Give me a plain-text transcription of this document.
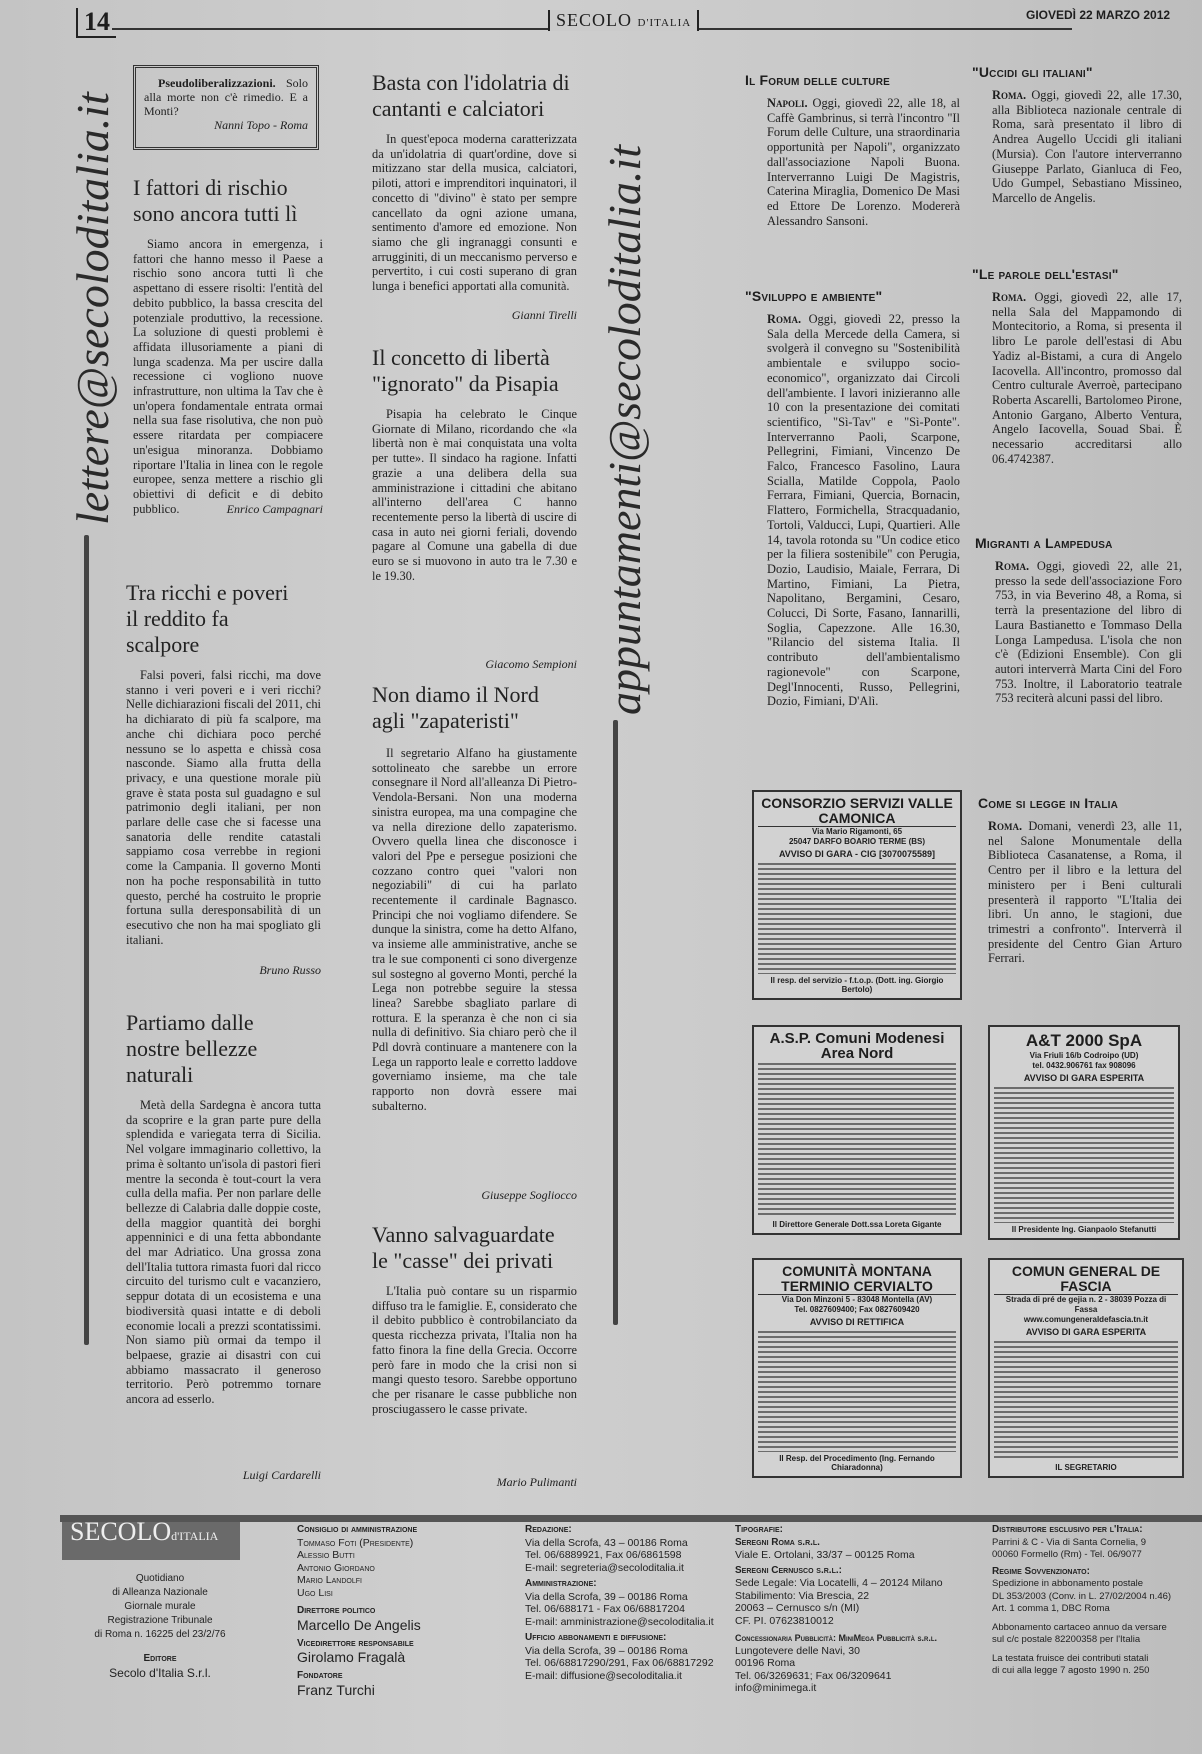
14	SECOLO D'ITALIA
GIOVEDÌ 22 MARZO 2012
lettere@secoloditalia.it	appuntamenti@secoloditalia.it
Pseudoliberalizzazioni. Solo alla morte non c'è rimedio. E a Monti?
Nanni Topo - Roma
I fattori di rischio sono ancora tutti lì
Siamo ancora in emergenza, i fattori che hanno messo il Paese a rischio sono ancora tutti lì che aspettano di essere risolti: l'entità del debito pubblico, la bassa crescita del potenziale produttivo, la recessione. La soluzione di questi problemi è affidata illusoriamente a piani di lunga scadenza. Ma per uscire dalla recessione ci vogliono nuove infrastrutture, non ultima la Tav che è un'opera fondamentale entrata ormai nella sua fase risolutiva, che non può essere ritardata per compiacere un'esigua minoranza. Dobbiamo riportare l'Italia in linea con le regole europee, senza mettere a rischio gli obiettivi di deficit e di debito pubblico.	Enrico Campagnari
Tra ricchi e poveri il reddito fa scalpore
Falsi poveri, falsi ricchi, ma dove stanno i veri poveri e i veri ricchi? Nelle dichiarazioni fiscali del 2011, chi ha dichiarato di più fa scalpore, ma anche chi dichiara poco perché nessuno se lo aspetta e chissà cosa nasconde. Siamo alla frutta della privacy, e una questione morale più grave è stata posta sul guadagno e sul patrimonio degli italiani, per non parlare delle case che si facesse una sanatoria delle rendite catastali sappiamo cosa verrebbe in regioni come la Campania. Il governo Monti non ha poche responsabilità in tutto questo, perché ha costruito le proprie fortuna sulla deresponsabilità di un esecutivo che non ha mai spogliato gli italiani.
Bruno Russo
Partiamo dalle nostre bellezze naturali
Metà della Sardegna è ancora tutta da scoprire e la gran parte pure della splendida e variegata terra di Sicilia. Nel volgare immaginario collettivo, la prima è soltanto un'isola di pastori fieri mentre la seconda è tout-court la vera culla della mafia. Per non parlare delle bellezze di Calabria dalle doppie coste, della maggior quantità dei borghi appenninici e di una fetta abbondante del mar Adriatico. Una grossa zona dell'Italia tuttora rimasta fuori dal ricco circuito del turismo cult e vacanziero, seppur dotata di un ecosistema e una biodiversità quasi intatte e di deboli economie locali a prezzi scontatissimi. Non siamo più ormai da tempo il belpaese, grazie ai disastri con cui abbiamo massacrato il generoso territorio. Però potremmo tornare ancora ad esserlo.
Luigi Cardarelli
Basta con l'idolatria di cantanti e calciatori
In quest'epoca moderna caratterizzata da un'idolatria di quart'ordine, dove si mitizzano star della musica, calciatori, piloti, attori e imprenditori inquinatori, il concetto di "divino" è stato per sempre cancellato da ogni azione umana, sentimento d'amore ed emozione. Non siamo che gli ingranaggi consunti e arrugginiti, di un meccanismo perverso e pervertito, i cui costi superano di gran lunga i benefici apportati alla comunità.
Gianni Tirelli
Il concetto di libertà "ignorato" da Pisapia
Pisapia ha celebrato le Cinque Giornate di Milano, ricordando che «la libertà non è mai conquistata una volta per tutte». Il sindaco ha ragione. Infatti grazie a una delibera della sua amministrazione i cittadini che abitano all'interno dell'area C hanno recentemente perso la libertà di uscire di casa in auto nei giorni feriali, dovendo pagare al Comune una gabella di due euro se si muovono in auto tra le 7.30 e le 19.30.
Giacomo Sempioni
Non diamo il Nord agli "zapateristi"
Il segretario Alfano ha giustamente sottolineato che sarebbe un errore consegnare il Nord all'alleanza Di Pietro-Vendola-Bersani. Non una moderna sinistra europea, ma una compagine che va nella direzione dello zapaterismo. Ovvero quella linea che disconosce i valori del Ppe e persegue posizioni che cozzano contro quei "valori non negoziabili" di cui ha parlato recentemente il cardinale Bagnasco. Principi che noi vogliamo difendere. Se dunque la sinistra, come ha detto Alfano, va insieme alle amministrative, anche se tra le sue componenti ci sono divergenze sul sostegno al governo Monti, perché la Lega non potrebbe seguire la stessa linea? Sarebbe sbagliato parlare di rottura. E la speranza è che non ci sia nulla di definitivo. Sia chiaro però che il Pdl dovrà continuare a mantenere con la Lega un rapporto leale e corretto laddove governiamo insieme, ma che tale rapporto non dovrà essere mai subalterno.
Giuseppe Sogliocco
Vanno salvaguardate le "casse" dei privati
L'Italia può contare su un risparmio diffuso tra le famiglie. E, considerato che il debito pubblico è controbilanciato da questa ricchezza privata, l'Italia non ha fatto finora la fine della Grecia. Occorre però fare in modo che la crisi non si mangi questo tesoro. Sarebbe opportuno che per risanare le casse pubbliche non prosciugassero le casse private.
Mario Pulimanti
Il Forum delle culture
Napoli. Oggi, giovedì 22, alle 18, al Caffè Gambrinus, si terrà l'incontro "Il Forum delle Culture, una straordinaria opportunità per Napoli", organizzato dall'associazione Napoli Buona. Interverranno Luigi De Magistris, Caterina Miraglia, Domenico De Masi ed Ettore De Lorenzo. Modererà Alessandro Sansoni.
"Sviluppo e ambiente"
Roma. Oggi, giovedì 22, presso la Sala della Mercede della Camera, si svolgerà il convegno su "Sostenibilità ambientale e sviluppo socio-economico", organizzato dai Circoli dell'ambiente. I lavori inizieranno alle 10 con la presentazione dei comitati scientifico, "Sì-Tav" e "Sì-Ponte". Interverranno Paoli, Scarpone, Pellegrini, Fimiani, Vincenzo De Falco, Francesco Fasolino, Laura Scialla, Matilde Coppola, Paolo Ferrara, Fimiani, Quercia, Bornacin, Flattero, Formichella, Stracquadanio, Tortoli, Valducci, Lupi, Quartieri. Alle 14, tavola rotonda su "Un codice etico per la filiera sostenibile" con Perugia, Dozio, Laudisio, Maiale, Ferrara, Di Martino, Fimiani, La Pietra, Napolitano, Bergamini, Cesaro, Colucci, Di Sorte, Fasano, Iannarilli, Soglia, Capezzone. Alle 16.30, "Rilancio del sistema Italia. Il contributo dell'ambientalismo ragionevole" con Scarpone, Degl'Innocenti, Russo, Pellegrini, Dozio, Fimiani, D'Alì.
"Uccidi gli italiani"
Roma. Oggi, giovedì 22, alle 17.30, alla Biblioteca nazionale centrale di Roma, sarà presentato il libro di Andrea Augello Uccidi gli italiani (Mursia). Con l'autore interverranno Giuseppe Parlato, Gianluca di Feo, Udo Gumpel, Sebastiano Missineo, Marcello de Angelis.
"Le parole dell'estasi"
Roma. Oggi, giovedì 22, alle 17, nella Sala del Mappamondo di Montecitorio, a Roma, si presenta il libro Le parole dell'estasi di Abu Yadiz al-Bistami, a cura di Angelo Iacovella. All'incontro, promosso dal Centro culturale Averroè, partecipano Roberta Ascarelli, Bartolomeo Pirone, Antonio Gargano, Alberto Ventura, Angelo Iacovella, Souad Sbai. È necessario accreditarsi allo 06.4742387.
Migranti a Lampedusa
Roma. Oggi, giovedì 22, alle 21, presso la sede dell'associazione Foro 753, in via Beverino 48, a Roma, si terrà la presentazione del libro di Laura Bastianetto e Tommaso Della Longa Lampedusa. L'isola che non c'è (Edizioni Ensemble). Con gli autori interverrà Marta Cini del Foro 753. Inoltre, il Laboratorio teatrale 753 reciterà alcuni passi del libro.
Come si legge in Italia
Roma. Domani, venerdì 23, alle 11, nel Salone Monumentale della Biblioteca Casanatense, a Roma, il Centro per il libro e la lettura del ministero per i Beni culturali presenterà il rapporto "L'Italia dei libri. Un anno, le stagioni, due trimestri a confronto". Interverrà il presidente del Centro Gian Arturo Ferrari.
CONSORZIO SERVIZI VALLE CAMONICA
Via Mario Rigamonti, 65
25047 DARFO BOARIO TERME (BS)
AVVISO DI GARA - CIG [3070075589]
Il resp. del servizio - f.t.o.p. (Dott. ing. Giorgio Bertolo)
A.S.P. Comuni Modenesi Area Nord
Il Direttore Generale Dott.ssa Loreta Gigante
A&T 2000 SpA
Via Friuli 16/b Codroipo (UD)
tel. 0432.906761 fax 908096
AVVISO DI GARA ESPERITA
Il Presidente Ing. Gianpaolo Stefanutti
COMUNITÀ MONTANA TERMINIO CERVIALTO
Via Don Minzoni 5 - 83048 Montella (AV)
Tel. 0827609400; Fax 0827609420
AVVISO DI RETTIFICA
Il Resp. del Procedimento (Ing. Fernando Chiaradonna)
COMUN GENERAL DE FASCIA
Strada di pré de gejia n. 2 - 38039 Pozza di Fassa
www.comungeneraldefascia.tn.it
AVVISO DI GARA ESPERITA
IL SEGRETARIO
SECOLOd'ITALIA
Quotidiano
di Alleanza Nazionale
Giornale murale
Registrazione Tribunale
di Roma n. 16225 del 23/2/76
Editore
Secolo d'Italia S.r.l.
Consiglio di amministrazione
Tommaso Foti (Presidente)
Alessio Butti
Antonio Giordano
Mario Landolfi
Ugo Lisi
Direttore politico
Marcello De Angelis
Vicedirettore responsabile
Girolamo Fragalà
Fondatore
Franz Turchi
Redazione:
Via della Scrofa, 43 – 00186 Roma
Tel. 06/6889921, Fax 06/6861598
E-mail: segreteria@secoloditalia.it
Amministrazione:
Via della Scrofa, 39 – 00186 Roma
Tel. 06/688171 - Fax 06/68817204
E-mail: amministrazione@secoloditalia.it
Ufficio abbonamenti e diffusione:
Via della Scrofa, 39 – 00186 Roma
Tel. 06/68817290/291, Fax 06/68817292
E-mail: diffusione@secoloditalia.it
Tipografie:
Seregni Roma s.r.l.
Viale E. Ortolani, 33/37 – 00125 Roma
Seregni Cernusco s.r.l.:
Sede Legale: Via Locatelli, 4 – 20124 Milano
Stabilimento: Via Brescia, 22
20063 – Cernusco s/n (MI)
CF. PI. 07623810012
Concessionaria Pubblicità: MiniMega Pubblicità s.r.l.
Lungotevere delle Navi, 30
00196 Roma
Tel. 06/3269631; Fax 06/3209641
info@minimega.it
Distributore esclusivo per l'Italia:
Parrini & C - Via di Santa Cornelia, 9
00060 Formello (Rm) - Tel. 06/9077
Regime Sovvenzionato:
Spedizione in abbonamento postale
DL 353/2003 (Conv. in L. 27/02/2004 n.46)
Art. 1 comma 1, DBC Roma
Abbonamento cartaceo annuo da versare
sul c/c postale 82200358 per l'Italia
La testata fruisce dei contributi statali
di cui alla legge 7 agosto 1990 n. 250
